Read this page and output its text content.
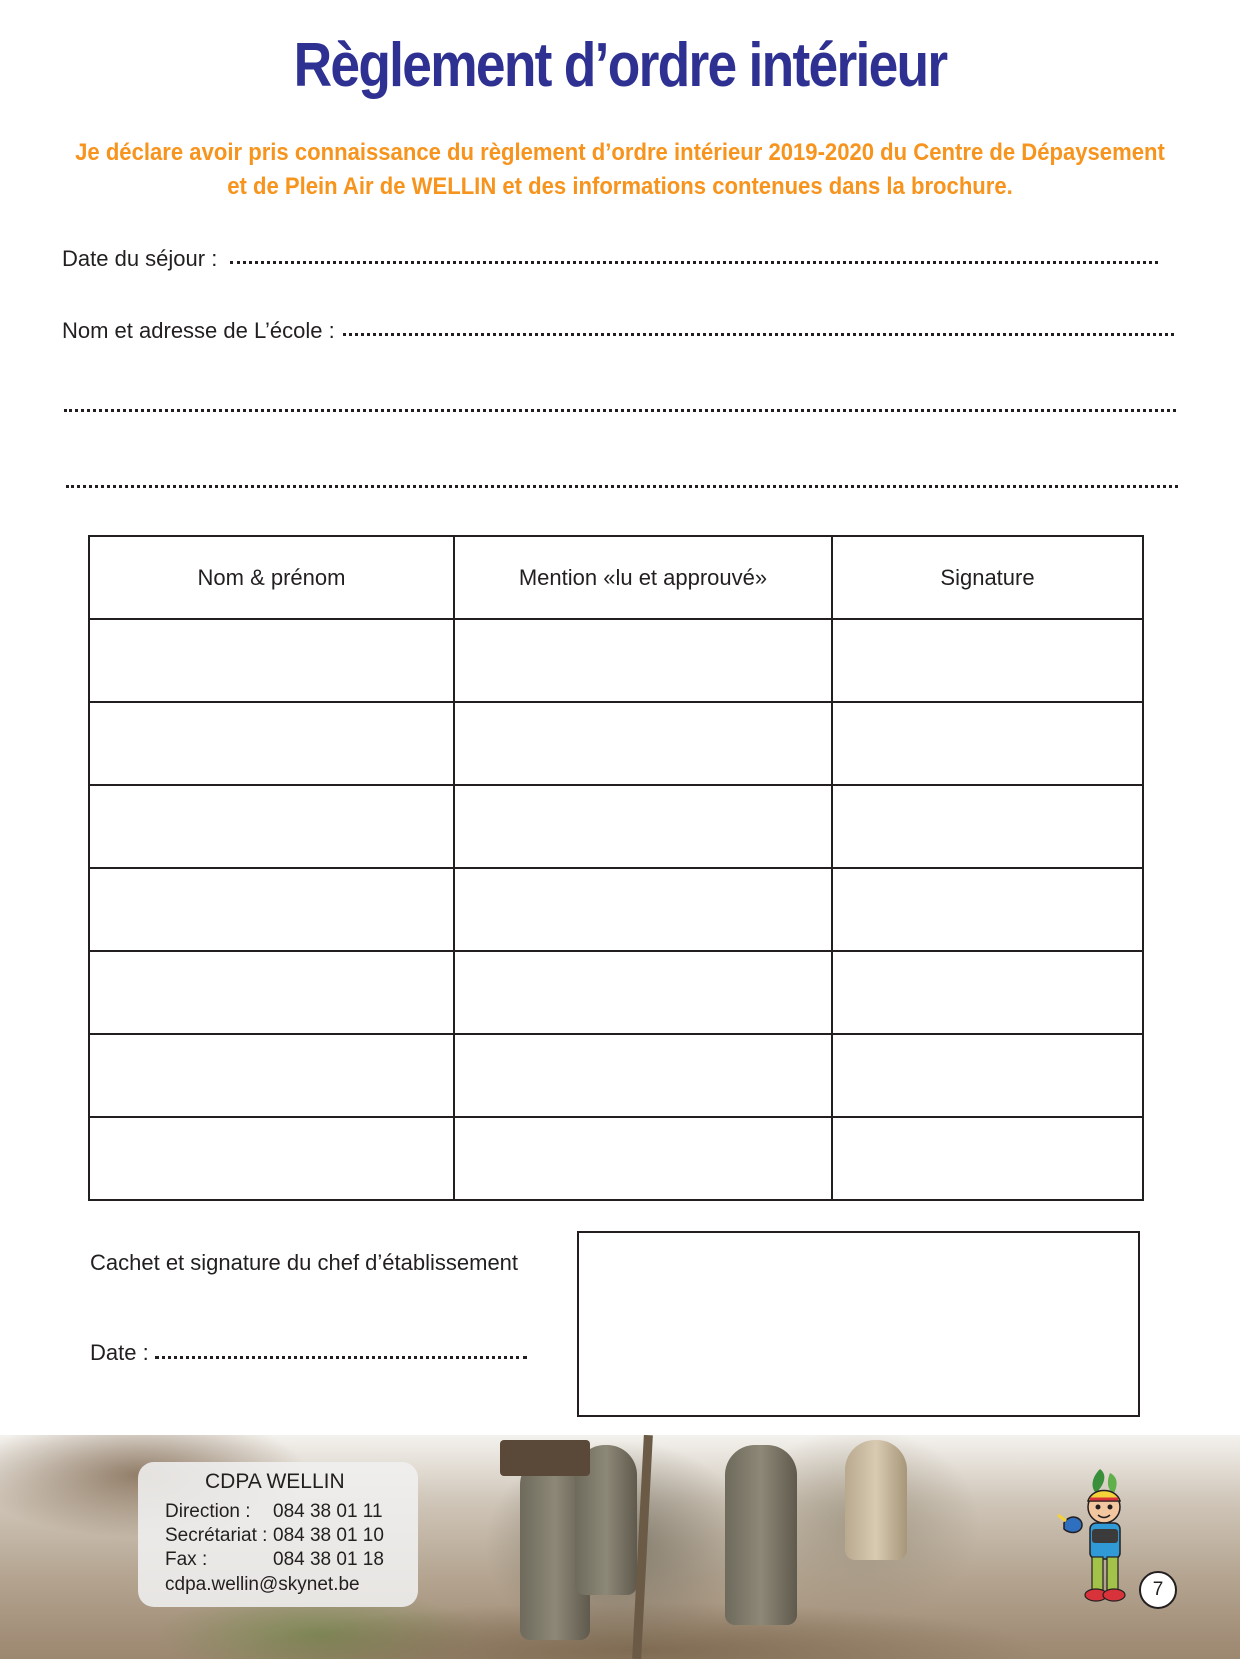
Règlement d’ordre intérieur
Je déclare avoir pris connaissance du règlement d’ordre intérieur 2019-2020 du Centre de Dépaysement
et de Plein Air de WELLIN et des informations contenues dans la brochure.
Date du séjour :
Nom et adresse de L’école :
Nom & prénom	Mention «lu et approuvé»	Signature

Cachet et signature du chef d’établissement
Date :
CDPA WELLIN
Direction : 084 38 01 11
Secrétariat : 084 38 01 10
Fax :	084 38 01 18
cdpa.wellin@skynet.be	7
